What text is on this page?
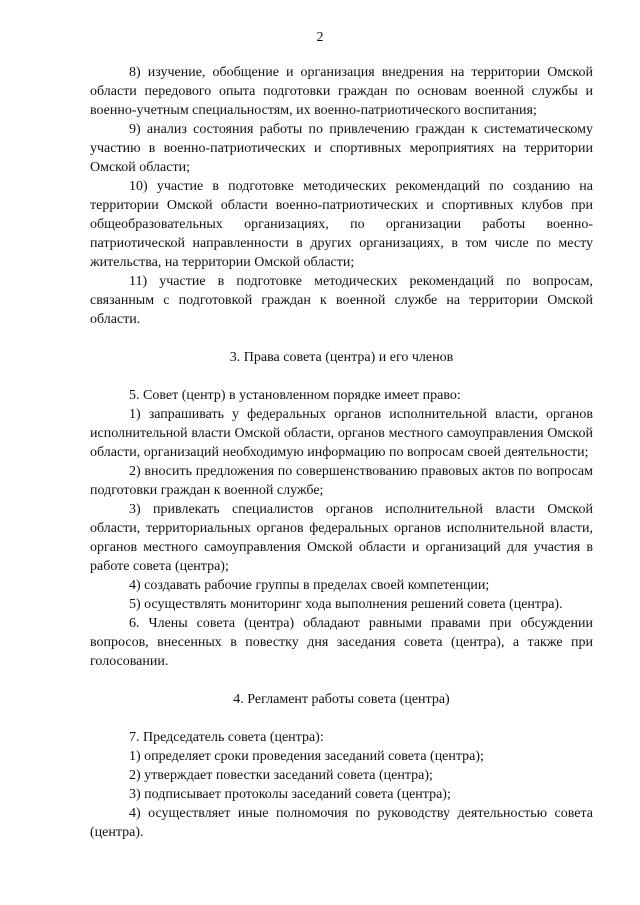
2

8) изучение, обобщение и организация внедрения на территории Омской области передового опыта подготовки граждан по основам военной службы и военно-учетным специальностям, их военно-патриотического воспитания;

9) анализ состояния работы по привлечению граждан к систематическому участию в военно-патриотических и спортивных мероприятиях на территории Омской области;

10) участие в подготовке методических рекомендаций по созданию на территории Омской области военно-патриотических и спортивных клубов при общеобразовательных организациях, по организации работы военно-патриотической направленности в других организациях, в том числе по месту жительства, на территории Омской области;

11) участие в подготовке методических рекомендаций по вопросам, связанным с подготовкой граждан к военной службе на территории Омской области.

3. Права совета (центра) и его членов

5. Совет (центр) в установленном порядке имеет право:

1) запрашивать у федеральных органов исполнительной власти, органов исполнительной власти Омской области, органов местного самоуправления Омской области, организаций необходимую информацию по вопросам своей деятельности;

2) вносить предложения по совершенствованию правовых актов по вопросам подготовки граждан к военной службе;

3) привлекать специалистов органов исполнительной власти Омской области, территориальных органов федеральных органов исполнительной власти, органов местного самоуправления Омской области и организаций для участия в работе совета (центра);

4) создавать рабочие группы в пределах своей компетенции;

5) осуществлять мониторинг хода выполнения решений совета (центра).

6. Члены совета (центра) обладают равными правами при обсуждении вопросов, внесенных в повестку дня заседания совета (центра), а также при голосовании.

4. Регламент работы совета (центра)

7. Председатель совета (центра):

1) определяет сроки проведения заседаний совета (центра);

2) утверждает повестки заседаний совета (центра);

3) подписывает протоколы заседаний совета (центра);

4) осуществляет иные полномочия по руководству деятельностью совета (центра).
